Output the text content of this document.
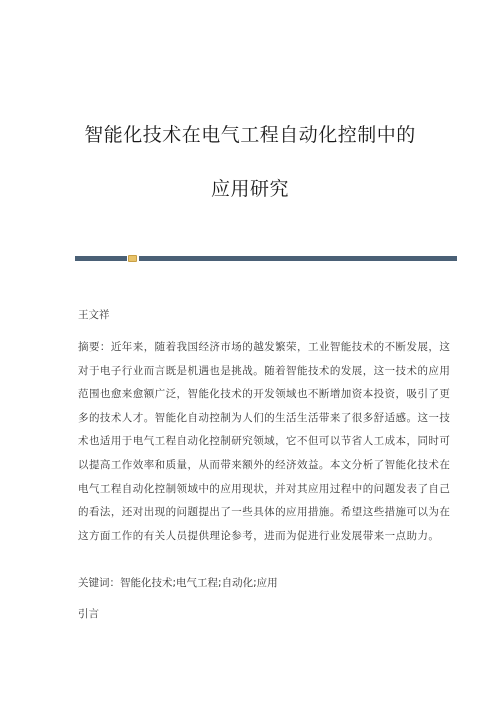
智能化技术在电气工程自动化控制中的
应用研究
王文祥
摘要：近年来，随着我国经济市场的越发繁荣，工业智能技术的不断发展，这
对于电子行业而言既是机遇也是挑战。随着智能技术的发展，这一技术的应用
范围也愈来愈额广泛，智能化技术的开发领域也不断增加资本投资，吸引了更
多的技术人才。智能化自动控制为人们的生活生活带来了很多舒适感。这一技
术也适用于电气工程自动化控制研究领域，它不但可以节省人工成本，同时可
以提高工作效率和质量，从而带来额外的经济效益。本文分析了智能化技术在
电气工程自动化控制领域中的应用现状，并对其应用过程中的问题发表了自己
的看法，还对出现的问题提出了一些具体的应用措施。希望这些措施可以为在
这方面工作的有关人员提供理论参考，进而为促进行业发展带来一点助力。
关键词：智能化技术;电气工程;自动化;应用
引言
